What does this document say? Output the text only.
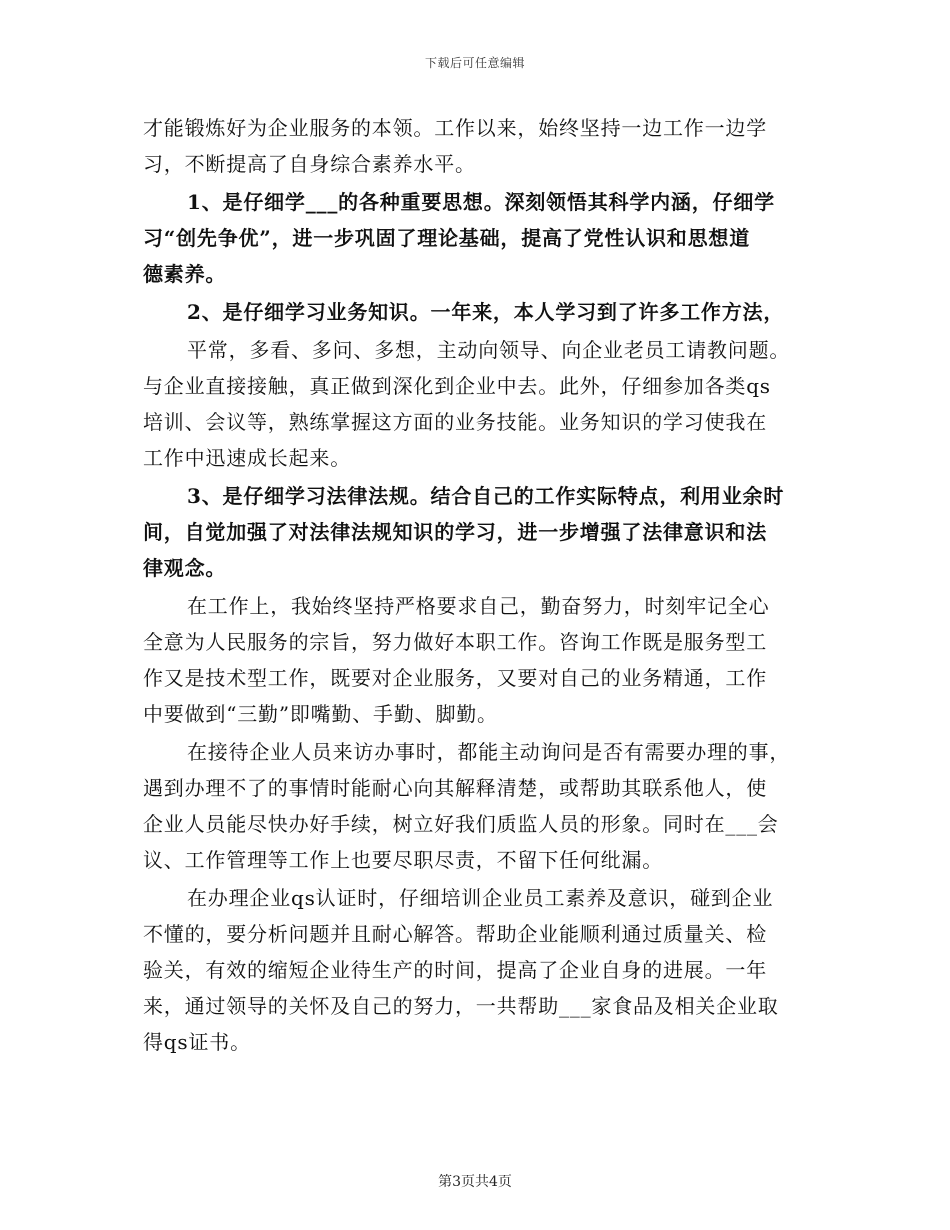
下载后可任意编辑
才能锻炼好为企业服务的本领。工作以来，始终坚持一边工作一边学
习，不断提高了自身综合素养水平。
1、是仔细学___的各种重要思想。深刻领悟其科学内涵，仔细学
习“创先争优”，进一步巩固了理论基础，提高了党性认识和思想道
德素养。
2、是仔细学习业务知识。一年来，本人学习到了许多工作方法，
平常，多看、多问、多想，主动向领导、向企业老员工请教问题。
与企业直接接触，真正做到深化到企业中去。此外，仔细参加各类qs
培训、会议等，熟练掌握这方面的业务技能。业务知识的学习使我在
工作中迅速成长起来。
3、是仔细学习法律法规。结合自己的工作实际特点，利用业余时
间，自觉加强了对法律法规知识的学习，进一步增强了法律意识和法
律观念。
在工作上，我始终坚持严格要求自己，勤奋努力，时刻牢记全心
全意为人民服务的宗旨，努力做好本职工作。咨询工作既是服务型工
作又是技术型工作，既要对企业服务，又要对自己的业务精通，工作
中要做到“三勤”即嘴勤、手勤、脚勤。
在接待企业人员来访办事时，都能主动询问是否有需要办理的事，
遇到办理不了的事情时能耐心向其解释清楚，或帮助其联系他人，使
企业人员能尽快办好手续，树立好我们质监人员的形象。同时在___会
议、工作管理等工作上也要尽职尽责，不留下任何纰漏。
在办理企业qs认证时，仔细培训企业员工素养及意识，碰到企业
不懂的，要分析问题并且耐心解答。帮助企业能顺利通过质量关、检
验关，有效的缩短企业待生产的时间，提高了企业自身的进展。一年
来，通过领导的关怀及自己的努力，一共帮助___家食品及相关企业取
得qs证书。
第3页共4页
